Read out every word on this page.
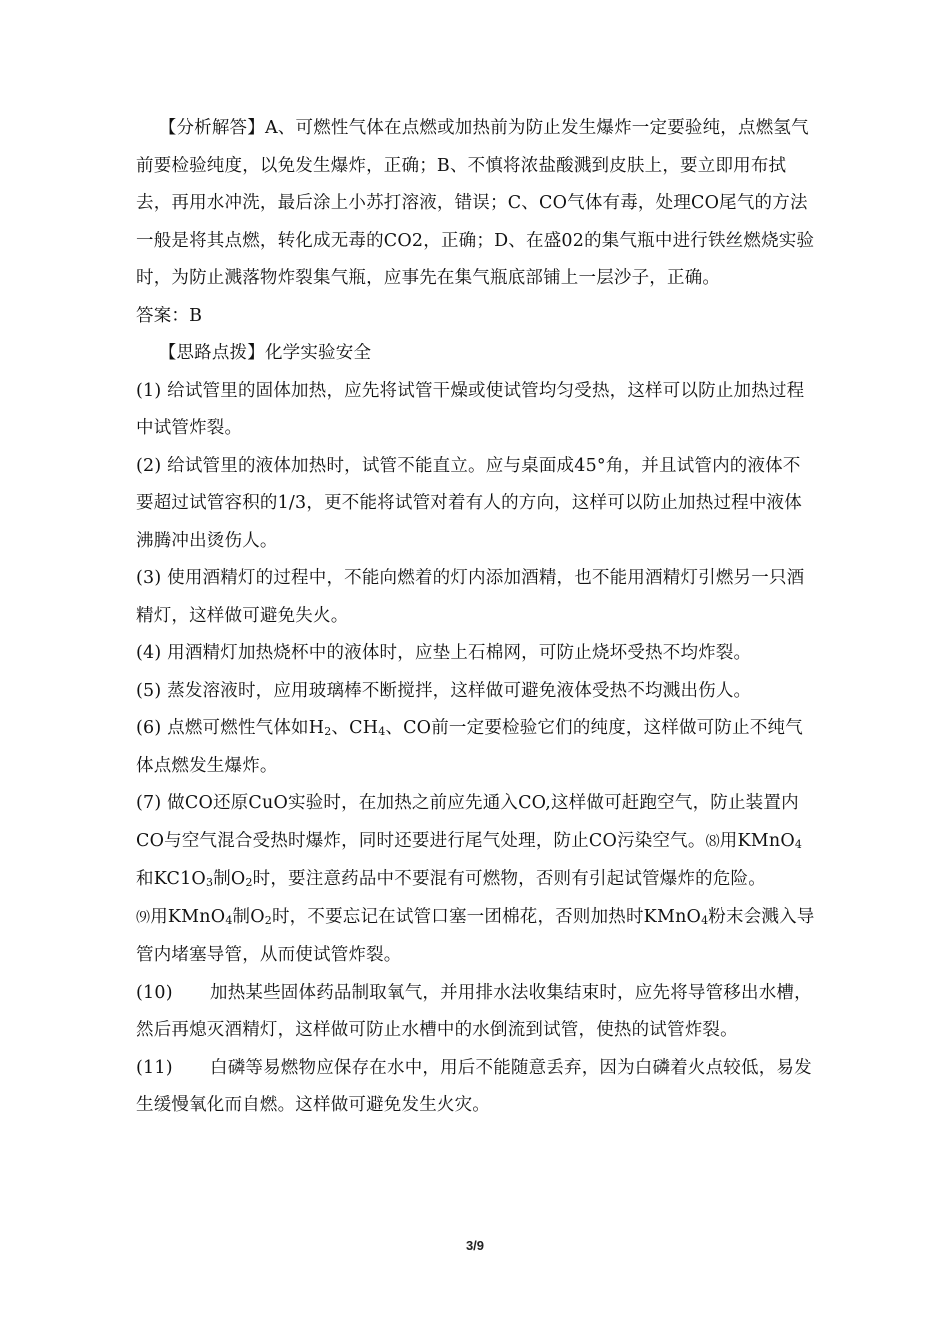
【分析解答】A、可燃性气体在点燃或加热前为防止发生爆炸一定要验纯，点燃氢气前要检验纯度，以免发生爆炸，正确；B、不慎将浓盐酸溅到皮肤上，要立即用布拭去，再用水冲洗，最后涂上小苏打溶液，错误；C、CO气体有毒，处理CO尾气的方法一般是将其点燃，转化成无毒的CO2，正确；D、在盛02的集气瓶中进行铁丝燃烧实验时，为防止溅落物炸裂集气瓶，应事先在集气瓶底部铺上一层沙子，正确。

答案：B

【思路点拨】化学实验安全

(1) 给试管里的固体加热，应先将试管干燥或使试管均匀受热，这样可以防止加热过程中试管炸裂。

(2) 给试管里的液体加热时，试管不能直立。应与桌面成45°角，并且试管内的液体不要超过试管容积的1/3，更不能将试管对着有人的方向，这样可以防止加热过程中液体沸腾冲出烫伤人。

(3) 使用酒精灯的过程中，不能向燃着的灯内添加酒精，也不能用酒精灯引燃另一只酒精灯，这样做可避免失火。

(4) 用酒精灯加热烧杯中的液体时，应垫上石棉网，可防止烧坏受热不均炸裂。

(5) 蒸发溶液时，应用玻璃棒不断搅拌，这样做可避免液体受热不均溅出伤人。

(6) 点燃可燃性气体如$H_2$、$CH_4$、CO前一定要检验它们的纯度，这样做可防止不纯气体点燃发生爆炸。

(7) 做CO还原CuO实验时，在加热之前应先通入CO,这样做可赶跑空气，防止装置内CO与空气混合受热时爆炸，同时还要进行尾气处理，防止CO污染空气。⑻用KMnO$_4$和$KC1O_3$制$O_2$时，要注意药品中不要混有可燃物，否则有引起试管爆炸的危险。

⑼用KMnO$_4$制$O_2$时，不要忘记在试管口塞一团棉花，否则加热时KMnO$_4$粉末会溅入导管内堵塞导管，从而使试管炸裂。

(10) 加热某些固体药品制取氧气，并用排水法收集结束时，应先将导管移出水槽，然后再熄灭酒精灯，这样做可防止水槽中的水倒流到试管，使热的试管炸裂。

(11) 白磷等易燃物应保存在水中，用后不能随意丢弃，因为白磷着火点较低，易发生缓慢氧化而自燃。这样做可避免发生火灾。

3/9
